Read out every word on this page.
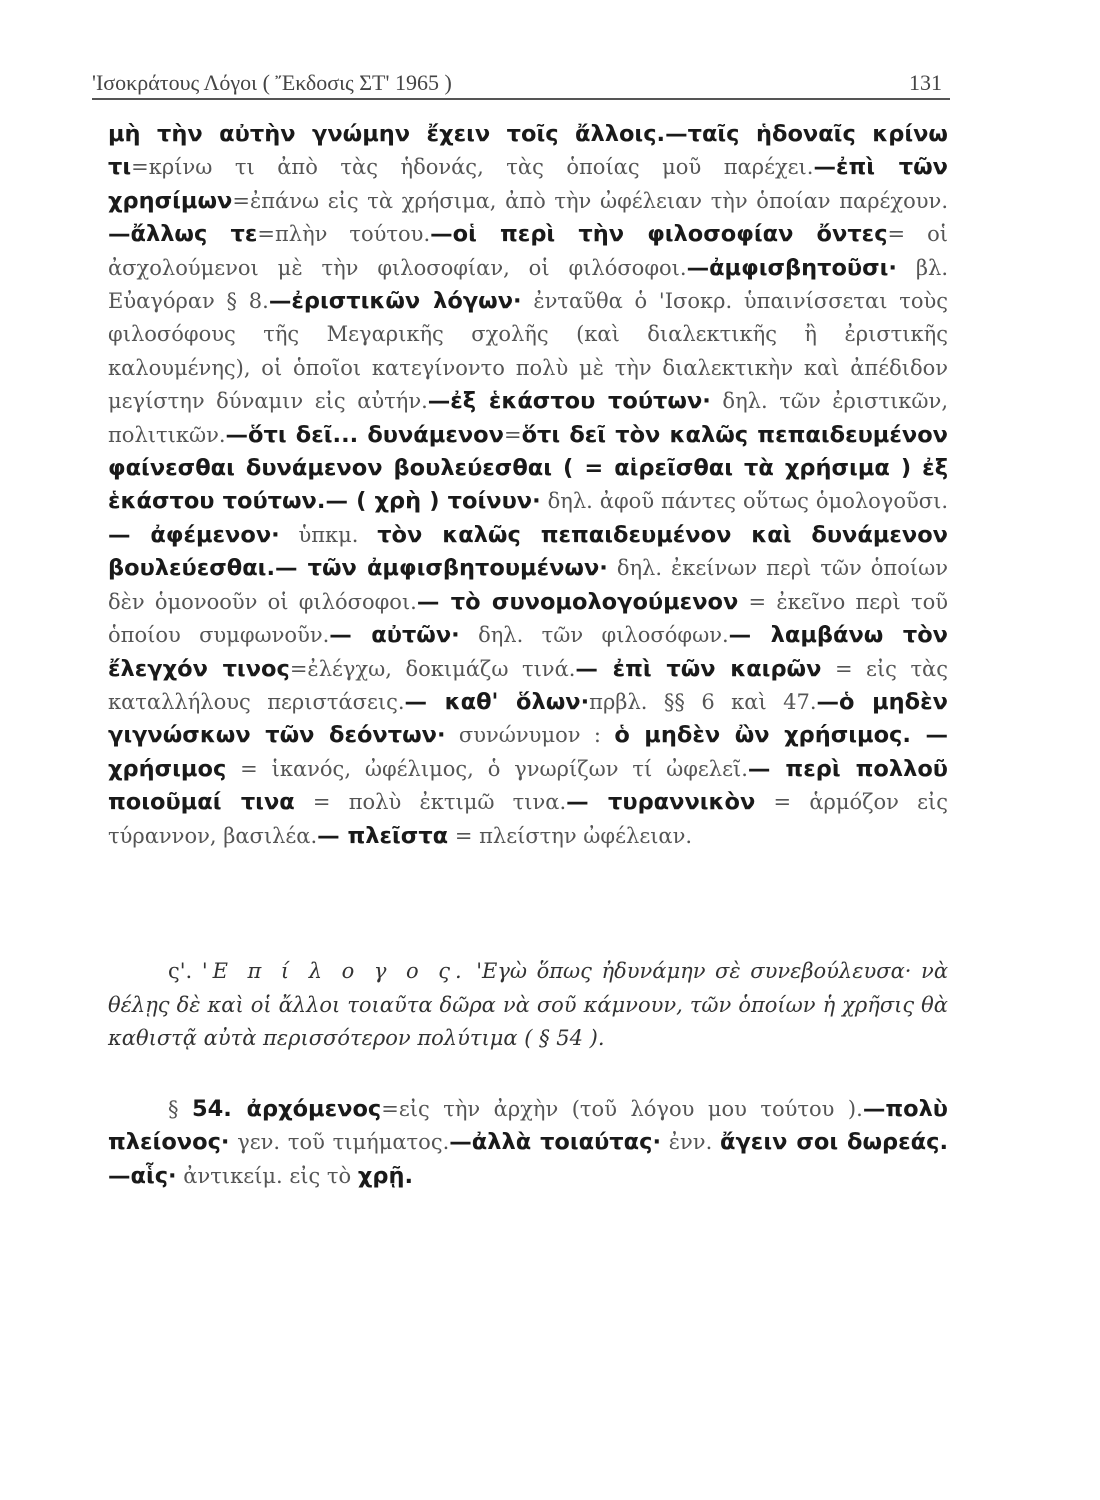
'Ισοκράτους Λόγοι ( Ἔκδοσις ΣΤ' 1965 )	131
μὴ τὴν αὐτὴν γνώμην ἔχειν τοῖς ἄλλοις.—ταῖς ἡδοναῖς κρίνω τι=κρίνω τι ἀπὸ τὰς ἡδονάς, τὰς ὁποίας μοῦ παρέχει.—ἐπὶ τῶν χρησίμων=ἐπάνω εἰς τὰ χρήσιμα, ἀπὸ τὴν ὠφέλειαν τὴν ὁποίαν παρέχουν.—ἄλλως τε=πλὴν τούτου.—οἱ περὶ τὴν φιλοσοφίαν ὄντες= οἱ ἀσχολούμενοι μὲ τὴν φιλοσοφίαν, οἱ φιλόσοφοι.—ἀμφισβητοῦσι· βλ. Εὐαγόραν § 8.—ἐριστικῶν λόγων· ἐνταῦθα ὁ 'Ισοκρ. ὑπαινίσσεται τοὺς φιλοσόφους τῆς Μεγαρικῆς σχολῆς (καὶ διαλεκτικῆς ἢ ἐριστικῆς καλουμένης), οἱ ὁποῖοι κατεγίνοντο πολὺ μὲ τὴν διαλεκτικὴν καὶ ἀπέδιδον μεγίστην δύναμιν εἰς αὐτήν.—ἐξ ἑκάστου τούτων· δηλ. τῶν ἐριστικῶν, πολιτικῶν.—ὅτι δεῖ... δυνάμενον=ὅτι δεῖ τὸν καλῶς πεπαιδευμένον φαίνεσθαι δυνάμενον βουλεύεσθαι ( = αἱρεῖσθαι τὰ χρήσιμα ) ἐξ ἑκάστου τούτων.— ( χρὴ ) τοίνυν· δηλ. ἀφοῦ πάντες οὕτως ὁμολογοῦσι.— ἀφέμενον· ὑπκμ. τὸν καλῶς πεπαιδευμένον καὶ δυνάμενον βουλεύεσθαι.— τῶν ἀμφισβητουμένων· δηλ. ἐκείνων περὶ τῶν ὁποίων δὲν ὁμονοοῦν οἱ φιλόσοφοι.— τὸ συνομολογούμενον = ἐκεῖνο περὶ τοῦ ὁποίου συμφωνοῦν.— αὐτῶν· δηλ. τῶν φιλοσόφων.— λαμβάνω τὸν ἔλεγχόν τινος=ἐλέγχω, δοκιμάζω τινά.— ἐπὶ τῶν καιρῶν = εἰς τὰς καταλλήλους περιστάσεις.— καθ' ὅλων·πρβλ. §§ 6 καὶ 47.—ὁ μηδὲν γιγνώσκων τῶν δεόντων· συνώνυμον : ὁ μηδὲν ὢν χρήσιμος. —χρήσιμος = ἱκανός, ὠφέλιμος, ὁ γνωρίζων τί ὠφελεῖ.— περὶ πολλοῦ ποιοῦμαί τινα = πολὺ ἐκτιμῶ τινα.— τυραννικὸν = ἁρμόζον εἰς τύραννον, βασιλέα.— πλεῖστα = πλείστην ὠφέλειαν.
ς'. 'Ε π ί λ ο γ ο ς. 'Εγὼ ὅπως ἠδυνάμην σὲ συνεβούλευσα· νὰ θέλῃς δὲ καὶ οἱ ἄλλοι τοιαῦτα δῶρα νὰ σοῦ κάμνουν, τῶν ὁποίων ἡ χρῆσις θὰ καθιστᾷ αὐτὰ περισσότερον πολύτιμα ( § 54 ).
§ 54. ἀρχόμενος=εἰς τὴν ἀρχὴν (τοῦ λόγου μου τούτου ).—πολὺ πλείονος· γεν. τοῦ τιμήματος.—ἀλλὰ τοιαύτας· ἐνν. ἄγειν σοι δωρεάς.—αἷς· ἀντικείμ. εἰς τὸ χρῇ.
